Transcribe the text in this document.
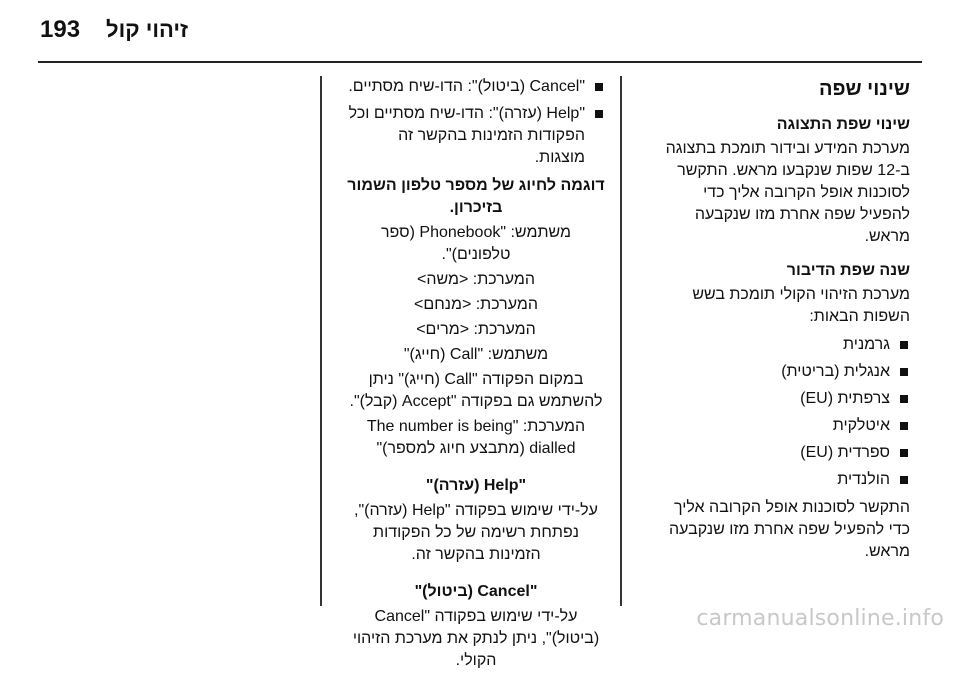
193 זיהוי קול
שינוי שפה
שינוי שפת התצוגה
מערכת המידע ובידור תומכת בתצוגה ב-12 שפות שנקבעו מראש. התקשר לסוכנות אופל הקרובה אליך כדי להפעיל שפה אחרת מזו שנקבעה מראש.
שנה שפת הדיבור
מערכת הזיהוי הקולי תומכת בשש השפות הבאות:
גרמנית
אנגלית (בריטית)
צרפתית (EU)
איטלקית
ספרדית (EU)
הולנדית
התקשר לסוכנות אופל הקרובה אליך כדי להפעיל שפה אחרת מזו שנקבעה מראש.
"Cancel (ביטול)": הדו-שיח מסתיים.
"Help (עזרה)": הדו-שיח מסתיים וכל הפקודות הזמינות בהקשר זה מוצגות.
דוגמה לחיוג של מספר טלפון השמור בזיכרון.
משתמש: "Phonebook (ספר טלפונים)".
המערכת: <משה>
המערכת: <מנחם>
המערכת: <מרים>
משתמש: "Call (חייג)"
במקום הפקודה "Call (חייג)" ניתן להשתמש גם בפקודה "Accept (קבל)".
המערכת: "The number is being dialled (מתבצע חיוג למספר)"
"Help (עזרה)"
על-ידי שימוש בפקודה "Help (עזרה)", נפתחת רשימה של כל הפקודות הזמינות בהקשר זה.
"Cancel (ביטול)"
על-ידי שימוש בפקודה "Cancel (ביטול)", ניתן לנתק את מערכת הזיהוי הקולי.
carmanualsonline.info
